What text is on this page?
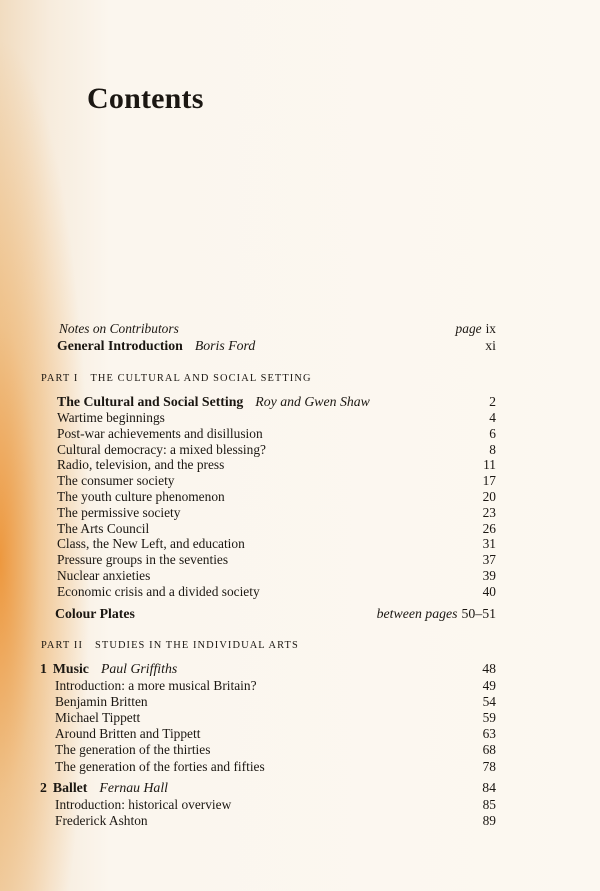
Contents
Notes on Contributors	page ix
General Introduction Boris Ford	xi
PART I THE CULTURAL AND SOCIAL SETTING
The Cultural and Social Setting Roy and Gwen Shaw	2
Wartime beginnings	4
Post-war achievements and disillusion	6
Cultural democracy: a mixed blessing?	8
Radio, television, and the press	11
The consumer society	17
The youth culture phenomenon	20
The permissive society	23
The Arts Council	26
Class, the New Left, and education	31
Pressure groups in the seventies	37
Nuclear anxieties	39
Economic crisis and a divided society	40
Colour Plates	between pages 50–51
PART II STUDIES IN THE INDIVIDUAL ARTS
1 Music Paul Griffiths	48
Introduction: a more musical Britain?	49
Benjamin Britten	54
Michael Tippett	59
Around Britten and Tippett	63
The generation of the thirties	68
The generation of the forties and fifties	78
2 Ballet Fernau Hall	84
Introduction: historical overview	85
Frederick Ashton	89
